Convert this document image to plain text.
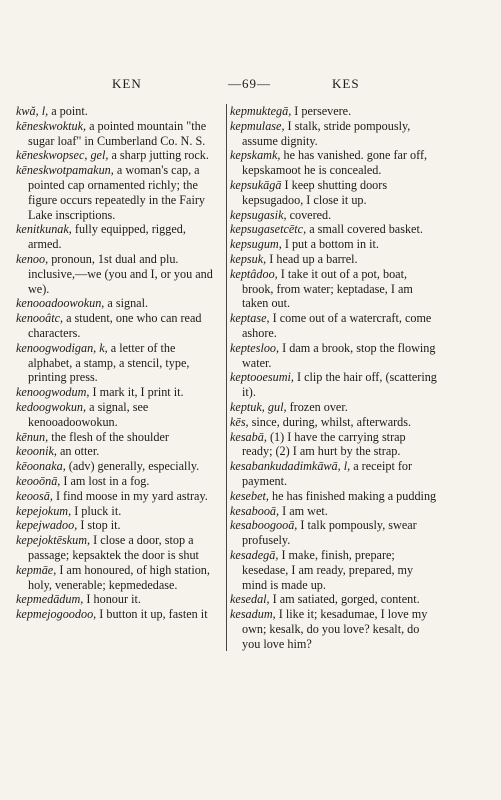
KEN	—69—	KES
kwă, l, a point.
kēneskwoktuk, a pointed mountain "the sugar loaf" in Cumberland Co. N. S.
kēneskwopsec, gel, a sharp jutting rock.
kēneskwotpamakun, a woman's cap, a pointed cap ornamented richly; the figure occurs repeatedly in the Fairy Lake inscriptions.
kenitkunak, fully equipped, rigged, armed.
kenoo, pronoun, 1st dual and plu. inclusive,—we (you and I, or you and we).
kenooadoowokun, a signal.
kenooâtc, a student, one who can read characters.
kenoogwodigan, k, a letter of the alphabet, a stamp, a stencil, type, printing press.
kenoogwodum, I mark it, I print it.
kedoogwokun, a signal, see kenooadoowokun.
kēnun, the flesh of the shoulder
keoonik, an otter.
kēoonaka, (adv) generally, especially.
keooōnā, I am lost in a fog.
keoosā, I find moose in my yard astray.
kepejokum, I pluck it.
kepejwadoo, I stop it.
kepejoktēskum, I close a door, stop a passage; kepsaktek the door is shut
kepmāe, I am honoured, of high station, holy, venerable; kepmededase.
kepmedādum, I honour it.
kepmejogoodoo, I button it up, fasten it
kepmuktegā, I persevere.
kepmulase, I stalk, stride pompously, assume dignity.
kepskamk, he has vanished. gone far off, kepskamoot he is concealed.
kepsukāgā I keep shutting doors kepsugadoo, I close it up.
kepsugasik, covered.
kepsugasetcētc, a small covered basket.
kepsugum, I put a bottom in it.
kepsuk, I head up a barrel.
keptâdoo, I take it out of a pot, boat, brook, from water; keptadase, I am taken out.
keptase, I come out of a watercraft, come ashore.
keptesloo, I dam a brook, stop the flowing water.
keptooesumi, I clip the hair off, (scattering it).
keptuk, gul, frozen over.
kēs, since, during, whilst, afterwards.
kesabā, (1) I have the carrying strap ready; (2) I am hurt by the strap.
kesabankudadimkāwā, l, a receipt for payment.
kesebet, he has finished making a pudding
kesabooā, I am wet.
kesaboogooā, I talk pompously, swear profusely.
kesadegā, I make, finish, prepare; kesedase, I am ready, prepared, my mind is made up.
kesedal, I am satiated, gorged, content.
kesadum, I like it; kesadumae, I love my own; kesalk, do you love? kesalt, do you love him?
